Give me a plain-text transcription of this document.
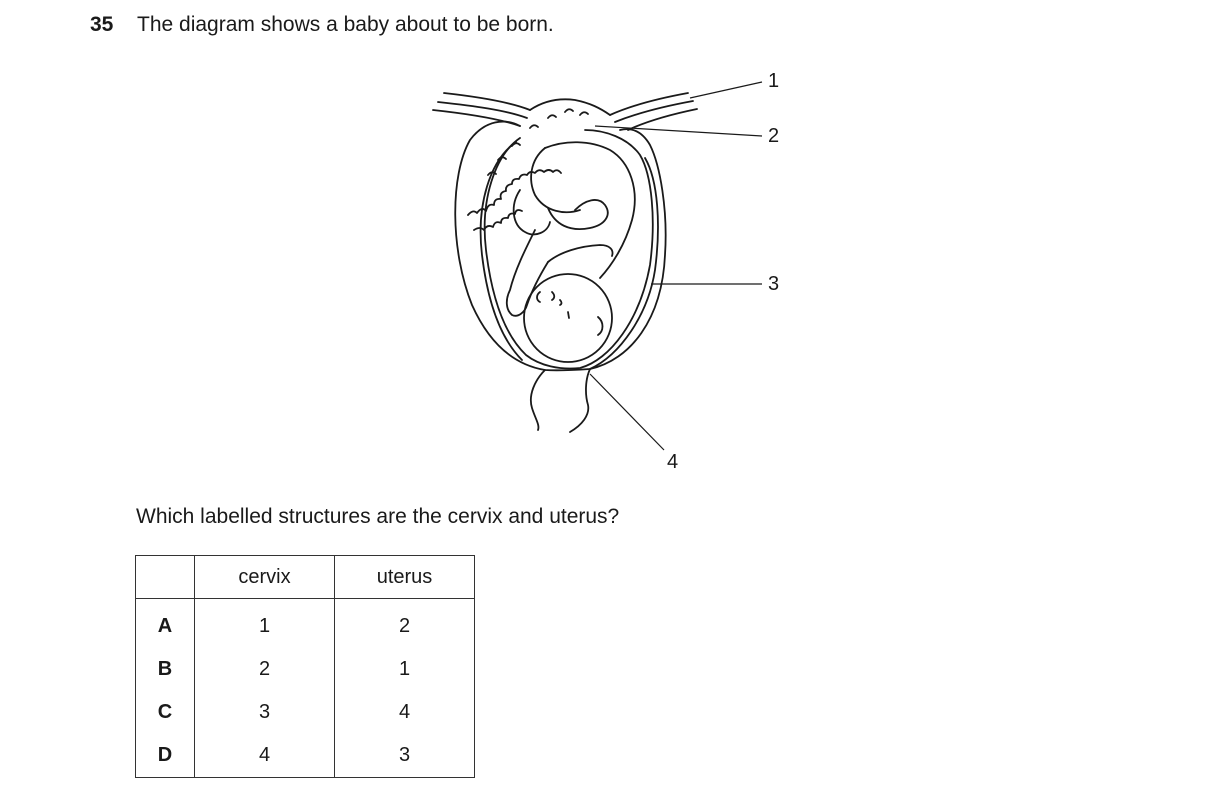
35 The diagram shows a baby about to be born.
1
2
3
4
Which labelled structures are the cervix and uterus?
	cervix	uterus
A	1	2
B	2	1
C	3	4
D	4	3
